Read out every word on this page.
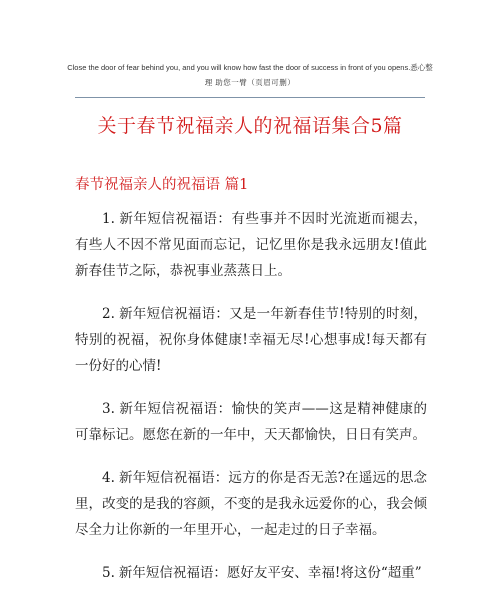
Close the door of fear behind you, and you will know how fast the door of success in front of you opens.悉心整
理 助您一臂（页眉可删）
关于春节祝福亲人的祝福语集合5篇
春节祝福亲人的祝福语 篇1

1. 新年短信祝福语：有些事并不因时光流逝而褪去，有些人不因不常见面而忘记，记忆里你是我永远朋友!值此新春佳节之际，恭祝事业蒸蒸日上。

2. 新年短信祝福语：又是一年新春佳节!特别的时刻，特别的祝福，祝你身体健康!幸福无尽!心想事成!每天都有一份好的心情!

3. 新年短信祝福语：愉快的笑声——这是精神健康的可靠标记。愿您在新的一年中，天天都愉快，日日有笑声。

4. 新年短信祝福语：远方的你是否无恙?在遥远的思念里，改变的是我的容颜，不变的是我永远爱你的心，我会倾尽全力让你新的一年里开心，一起走过的日子幸福。

5. 新年短信祝福语：愿好友平安、幸福!将这份“超重”
